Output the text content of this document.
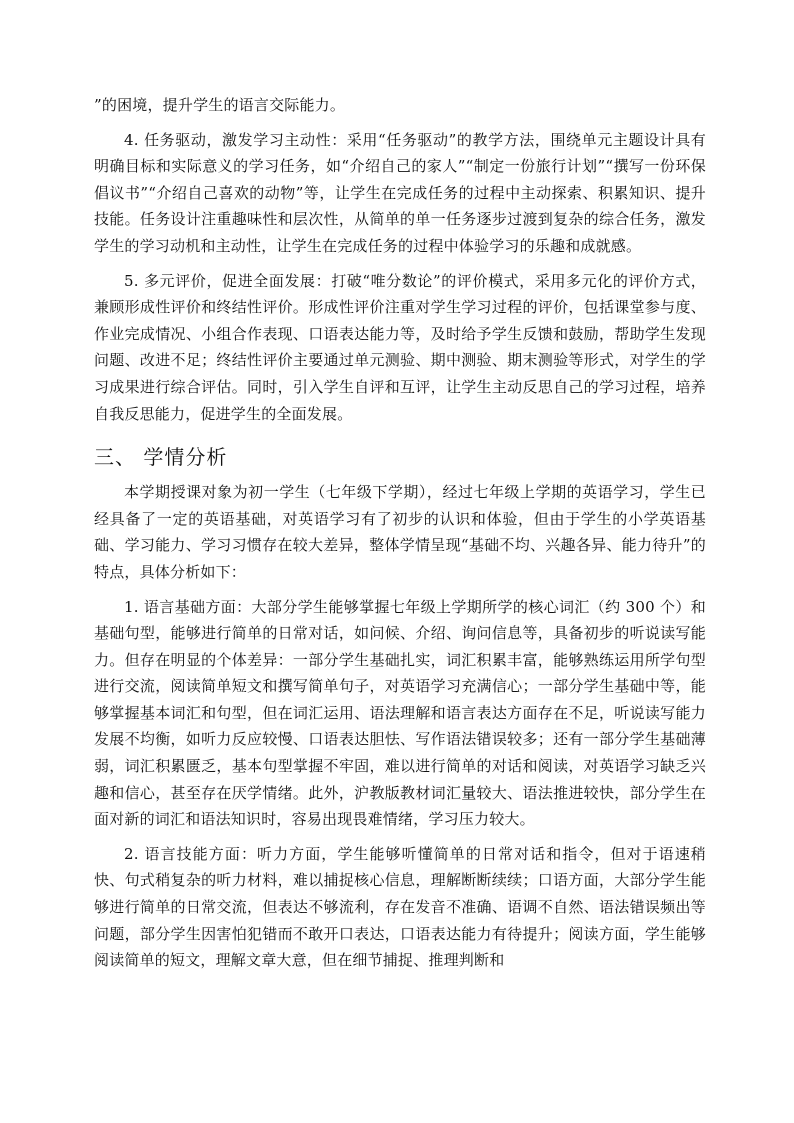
”的困境，提升学生的语言交际能力。

4. 任务驱动，激发学习主动性：采用“任务驱动”的教学方法，围绕单元主题设计具有明确目标和实际意义的学习任务，如“介绍自己的家人”“制定一份旅行计划”“撰写一份环保倡议书”“介绍自己喜欢的动物”等，让学生在完成任务的过程中主动探索、积累知识、提升技能。任务设计注重趣味性和层次性，从简单的单一任务逐步过渡到复杂的综合任务，激发学生的学习动机和主动性，让学生在完成任务的过程中体验学习的乐趣和成就感。

5. 多元评价，促进全面发展：打破“唯分数论”的评价模式，采用多元化的评价方式，兼顾形成性评价和终结性评价。形成性评价注重对学生学习过程的评价，包括课堂参与度、作业完成情况、小组合作表现、口语表达能力等，及时给予学生反馈和鼓励，帮助学生发现问题、改进不足；终结性评价主要通过单元测验、期中测验、期末测验等形式，对学生的学习成果进行综合评估。同时，引入学生自评和互评，让学生主动反思自己的学习过程，培养自我反思能力，促进学生的全面发展。

三、 学情分析

本学期授课对象为初一学生（七年级下学期），经过七年级上学期的英语学习，学生已经具备了一定的英语基础，对英语学习有了初步的认识和体验，但由于学生的小学英语基础、学习能力、学习习惯存在较大差异，整体学情呈现“基础不均、兴趣各异、能力待升”的特点，具体分析如下：

1. 语言基础方面：大部分学生能够掌握七年级上学期所学的核心词汇（约 300 个）和基础句型，能够进行简单的日常对话，如问候、介绍、询问信息等，具备初步的听说读写能力。但存在明显的个体差异：一部分学生基础扎实，词汇积累丰富，能够熟练运用所学句型进行交流，阅读简单短文和撰写简单句子，对英语学习充满信心；一部分学生基础中等，能够掌握基本词汇和句型，但在词汇运用、语法理解和语言表达方面存在不足，听说读写能力发展不均衡，如听力反应较慢、口语表达胆怯、写作语法错误较多；还有一部分学生基础薄弱，词汇积累匮乏，基本句型掌握不牢固，难以进行简单的对话和阅读，对英语学习缺乏兴趣和信心，甚至存在厌学情绪。此外，沪教版教材词汇量较大、语法推进较快，部分学生在面对新的词汇和语法知识时，容易出现畏难情绪，学习压力较大。

2. 语言技能方面：听力方面，学生能够听懂简单的日常对话和指令，但对于语速稍快、句式稍复杂的听力材料，难以捕捉核心信息，理解断断续续；口语方面，大部分学生能够进行简单的日常交流，但表达不够流利，存在发音不准确、语调不自然、语法错误频出等问题，部分学生因害怕犯错而不敢开口表达，口语表达能力有待提升；阅读方面，学生能够阅读简单的短文，理解文章大意，但在细节捕捉、推理判断和
